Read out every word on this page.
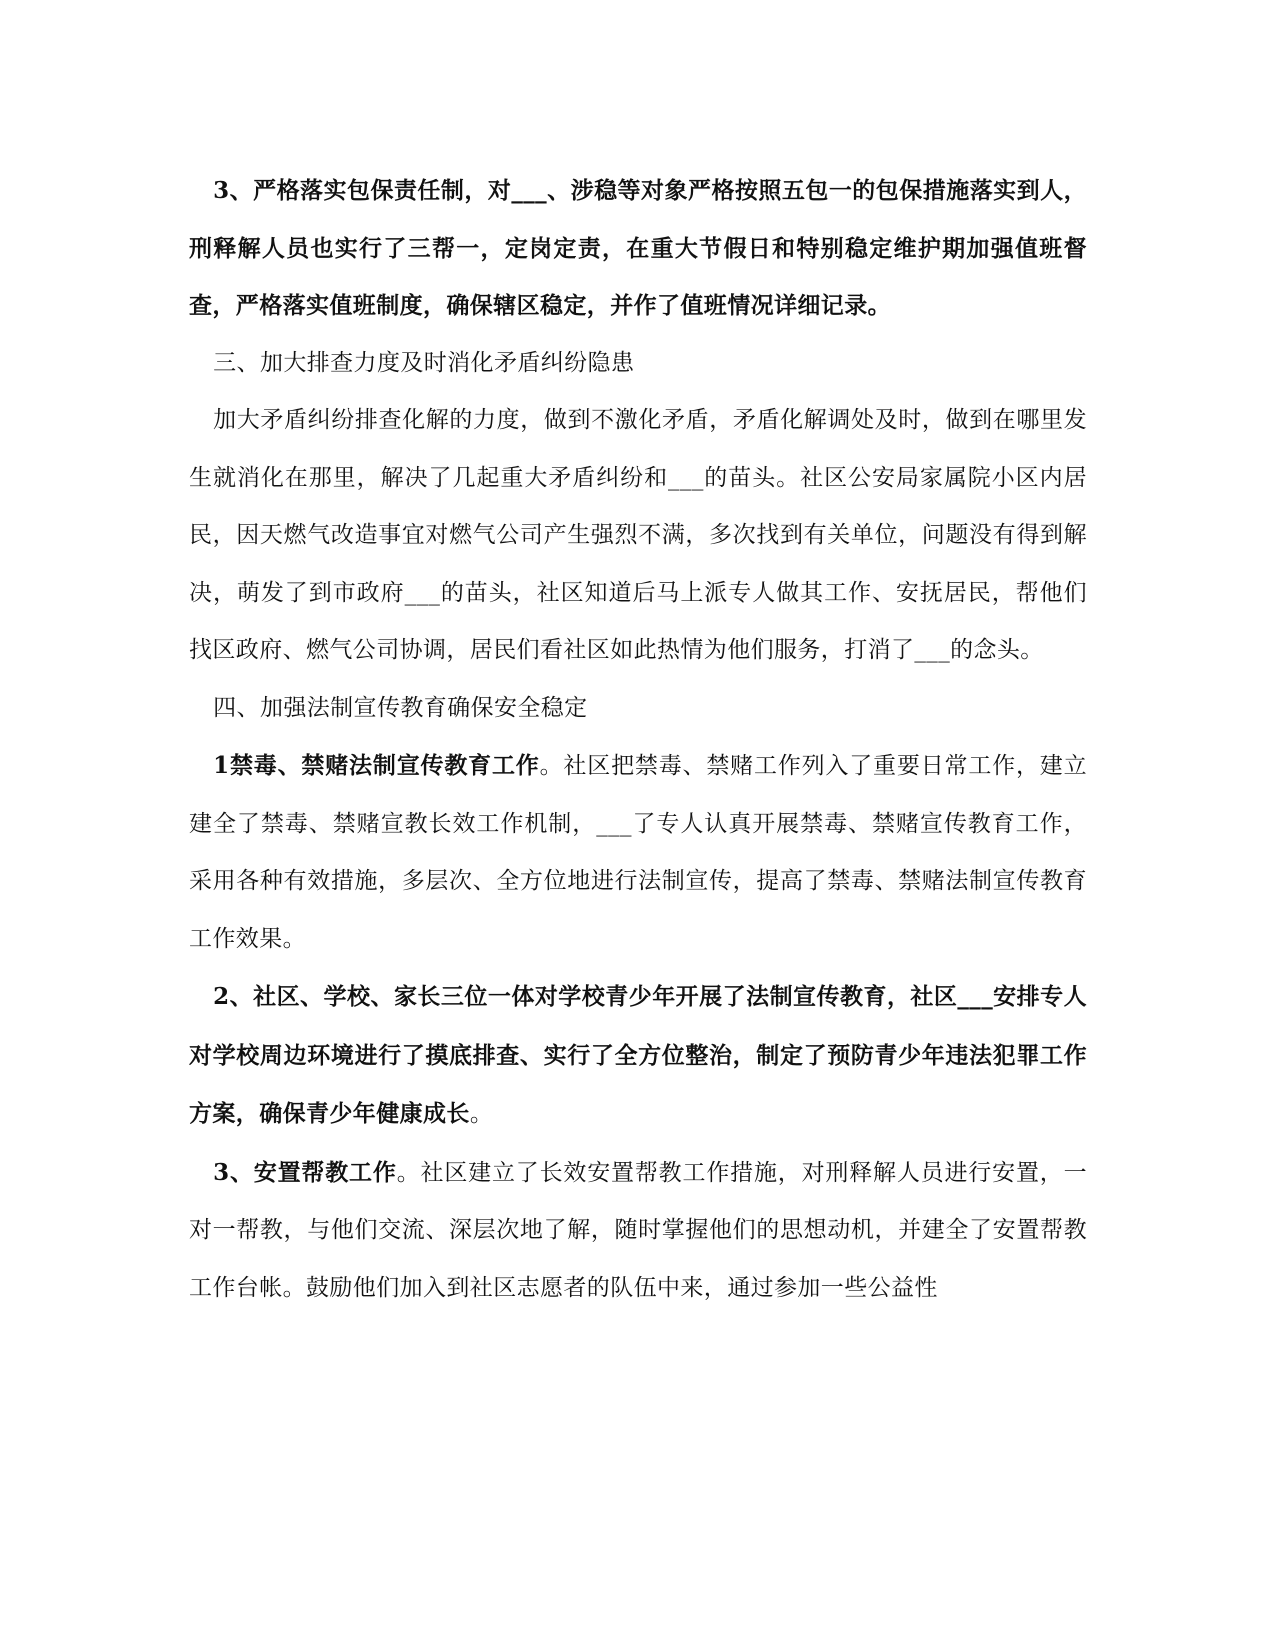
3、严格落实包保责任制，对___、涉稳等对象严格按照五包一的包保措施落实到人，刑释解人员也实行了三帮一，定岗定责，在重大节假日和特别稳定维护期加强值班督查，严格落实值班制度，确保辖区稳定，并作了值班情况详细记录。

三、加大排查力度及时消化矛盾纠纷隐患

加大矛盾纠纷排查化解的力度，做到不激化矛盾，矛盾化解调处及时，做到在哪里发生就消化在那里，解决了几起重大矛盾纠纷和___的苗头。社区公安局家属院小区内居民，因天燃气改造事宜对燃气公司产生强烈不满，多次找到有关单位，问题没有得到解决，萌发了到市政府___的苗头，社区知道后马上派专人做其工作、安抚居民，帮他们找区政府、燃气公司协调，居民们看社区如此热情为他们服务，打消了___的念头。

四、加强法制宣传教育确保安全稳定

1禁毒、禁赌法制宣传教育工作。社区把禁毒、禁赌工作列入了重要日常工作，建立建全了禁毒、禁赌宣教长效工作机制，___了专人认真开展禁毒、禁赌宣传教育工作，采用各种有效措施，多层次、全方位地进行法制宣传，提高了禁毒、禁赌法制宣传教育工作效果。

2、社区、学校、家长三位一体对学校青少年开展了法制宣传教育，社区___安排专人对学校周边环境进行了摸底排查、实行了全方位整治，制定了预防青少年违法犯罪工作方案，确保青少年健康成长。

3、安置帮教工作。社区建立了长效安置帮教工作措施，对刑释解人员进行安置，一对一帮教，与他们交流、深层次地了解，随时掌握他们的思想动机，并建全了安置帮教工作台帐。鼓励他们加入到社区志愿者的队伍中来，通过参加一些公益性
